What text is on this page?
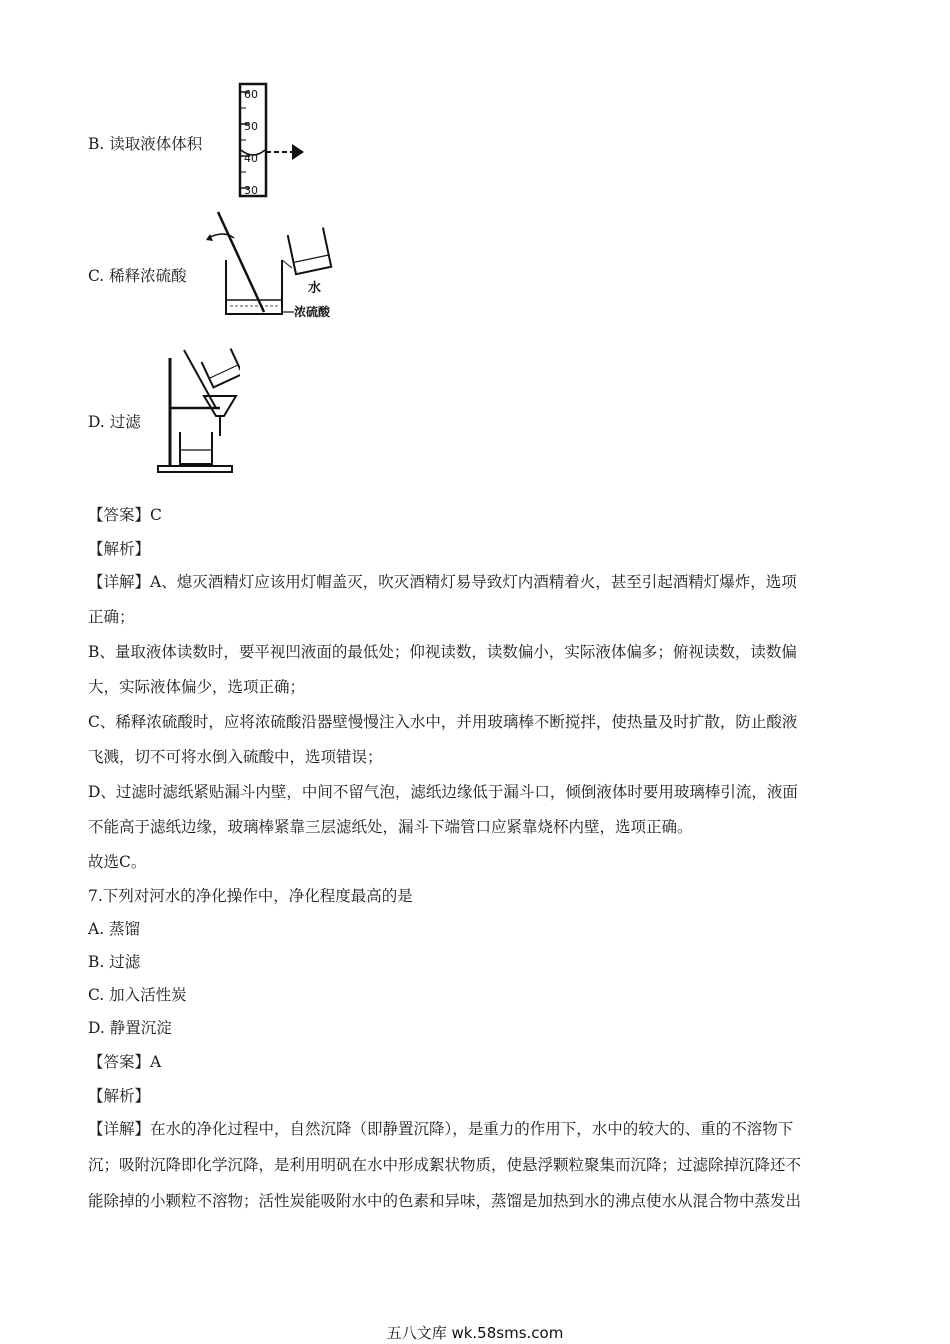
B. 读取液体体积
60
50
40
30
C. 稀释浓硫酸
水
浓硫酸
D. 过滤
【答案】C
【解析】
【详解】A、熄灭酒精灯应该用灯帽盖灭，吹灭酒精灯易导致灯内酒精着火，甚至引起酒精灯爆炸，选项
正确；
B、量取液体读数时，要平视凹液面的最低处；仰视读数，读数偏小，实际液体偏多；俯视读数，读数偏
大，实际液体偏少，选项正确；
C、稀释浓硫酸时，应将浓硫酸沿器壁慢慢注入水中，并用玻璃棒不断搅拌，使热量及时扩散，防止酸液
飞溅，切不可将水倒入硫酸中，选项错误；
D、过滤时滤纸紧贴漏斗内壁，中间不留气泡，滤纸边缘低于漏斗口，倾倒液体时要用玻璃棒引流，液面
不能高于滤纸边缘，玻璃棒紧靠三层滤纸处，漏斗下端管口应紧靠烧杯内壁，选项正确。
故选C。
7.下列对河水的净化操作中，净化程度最高的是
A. 蒸馏
B. 过滤
C. 加入活性炭
D. 静置沉淀
【答案】A
【解析】
【详解】在水的净化过程中，自然沉降（即静置沉降），是重力的作用下，水中的较大的、重的不溶物下
沉；吸附沉降即化学沉降，是利用明矾在水中形成絮状物质，使悬浮颗粒聚集而沉降；过滤除掉沉降还不
能除掉的小颗粒不溶物；活性炭能吸附水中的色素和异味，蒸馏是加热到水的沸点使水从混合物中蒸发出
五八文库 wk.58sms.com
